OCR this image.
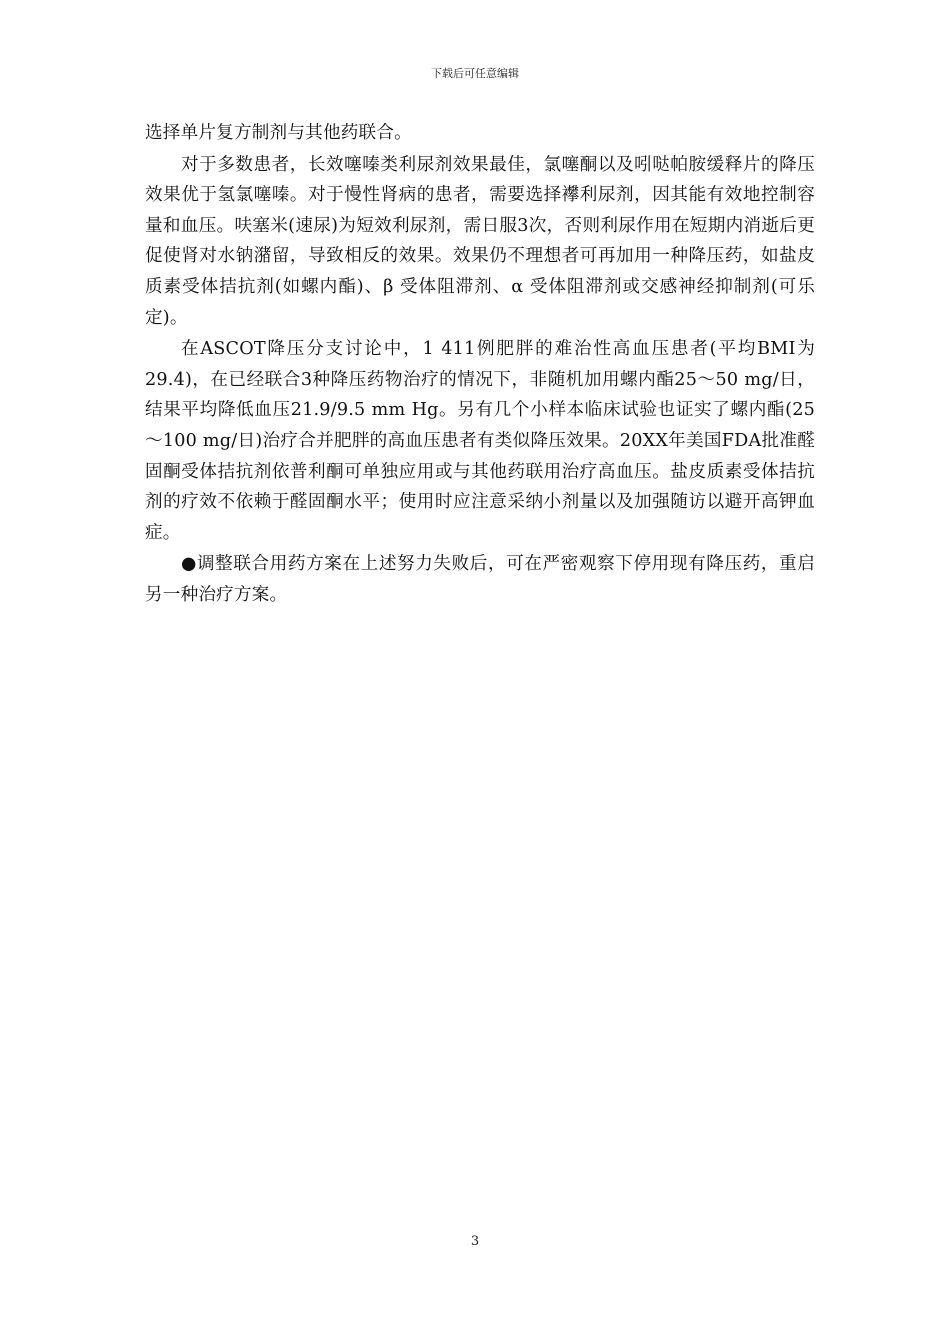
下载后可任意编辑

选择单片复方制剂与其他药联合。

对于多数患者，长效噻嗪类利尿剂效果最佳，氯噻酮以及吲哒帕胺缓释片的降压效果优于氢氯噻嗪。对于慢性肾病的患者，需要选择襻利尿剂，因其能有效地控制容量和血压。呋塞米(速尿)为短效利尿剂，需日服3次，否则利尿作用在短期内消逝后更促使肾对水钠潴留，导致相反的效果。效果仍不理想者可再加用一种降压药，如盐皮质素受体拮抗剂(如螺内酯)、β 受体阻滞剂、α 受体阻滞剂或交感神经抑制剂(可乐定)。

在ASCOT降压分支讨论中，1 411例肥胖的难治性高血压患者(平均BMI为29.4)，在已经联合3种降压药物治疗的情况下，非随机加用螺内酯25～50 mg/日，结果平均降低血压21.9/9.5 mm Hg。另有几个小样本临床试验也证实了螺内酯(25～100 mg/日)治疗合并肥胖的高血压患者有类似降压效果。20XX年美国FDA批准醛固酮受体拮抗剂依普利酮可单独应用或与其他药联用治疗高血压。盐皮质素受体拮抗剂的疗效不依赖于醛固酮水平；使用时应注意采纳小剂量以及加强随访以避开高钾血症。

●调整联合用药方案在上述努力失败后，可在严密观察下停用现有降压药，重启另一种治疗方案。

3
